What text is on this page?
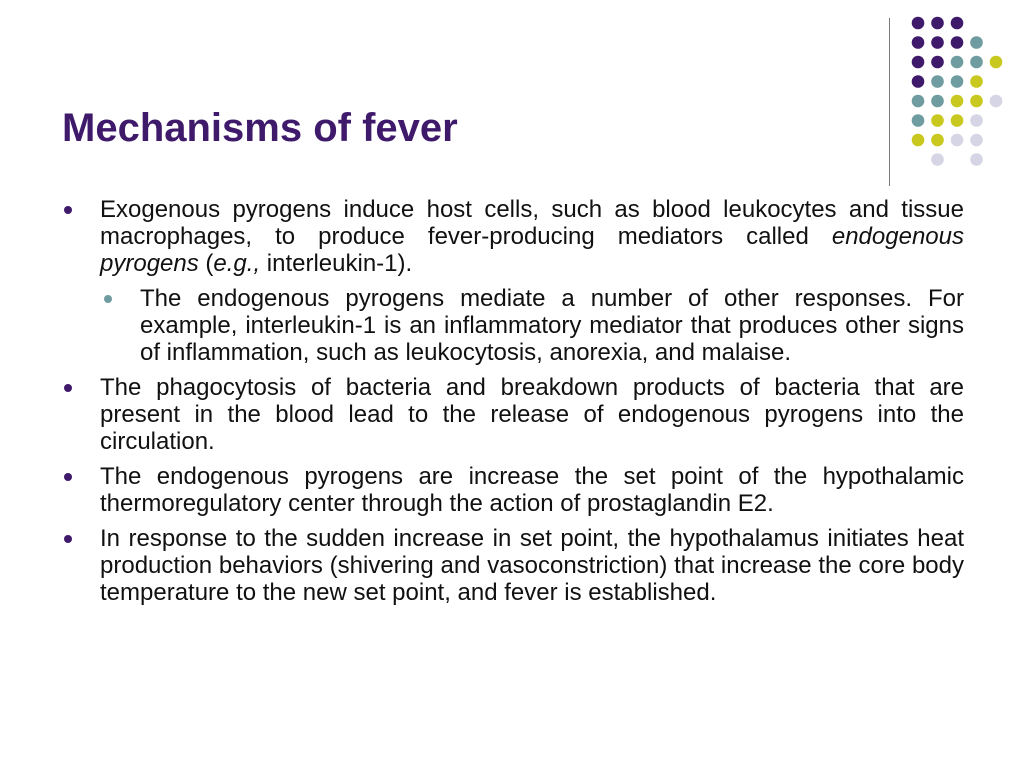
Mechanisms of fever
Exogenous pyrogens induce host cells, such as blood leukocytes and tissue macrophages, to produce fever-producing mediators called endogenous pyrogens (e.g., interleukin-1).
The endogenous pyrogens mediate a number of other responses. For example, interleukin-1 is an inflammatory mediator that produces other signs of inflammation, such as leukocytosis, anorexia, and malaise.
The phagocytosis of bacteria and breakdown products of bacteria that are present in the blood lead to the release of endogenous pyrogens into the circulation.
The endogenous pyrogens are increase the set point of the hypothalamic thermoregulatory center through the action of prostaglandin E2.
In response to the sudden increase in set point, the hypothalamus initiates heat production behaviors (shivering and vasoconstriction) that increase the core body temperature to the new set point, and fever is established.
